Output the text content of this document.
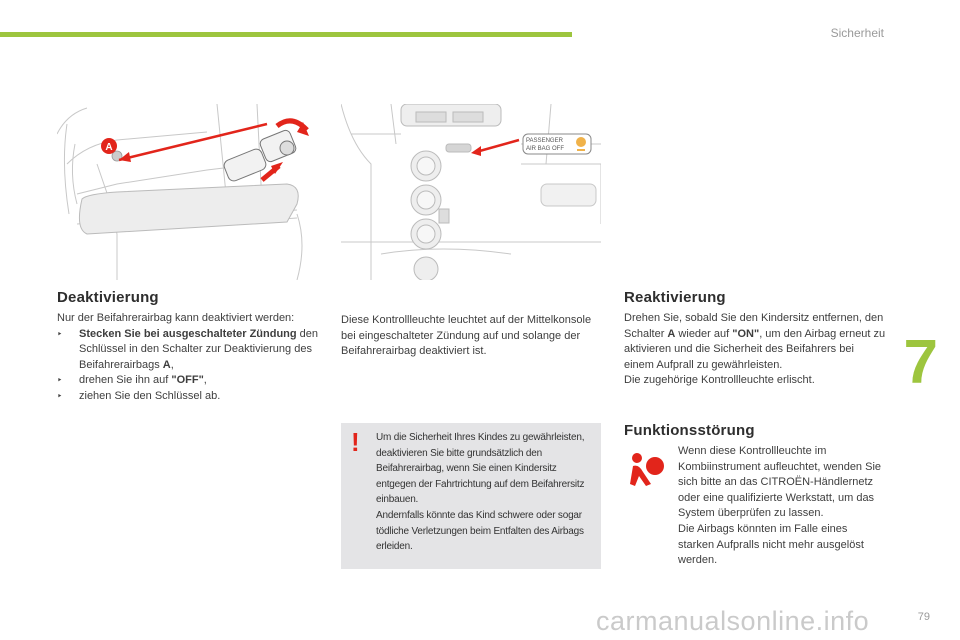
Sicherheit
7
A
PASSENGER
AIR BAG OFF
Deaktivierung

Nur der Beifahrerairbag kann deaktiviert werden:

‣ Stecken Sie bei ausgeschalteter Zündung den Schlüssel in den Schalter zur Deaktivierung des Beifahrerairbags A,
‣ drehen Sie ihn auf "OFF",
‣ ziehen Sie den Schlüssel ab.
Diese Kontrollleuchte leuchtet auf der Mittelkonsole bei eingeschalteter Zündung auf und solange der Beifahrerairbag deaktiviert ist.
! Um die Sicherheit Ihres Kindes zu gewährleisten, deaktivieren Sie bitte grundsätzlich den Beifahrerairbag, wenn Sie einen Kindersitz entgegen der Fahrtrichtung auf dem Beifahrersitz einbauen.
Andernfalls könnte das Kind schwere oder sogar tödliche Verletzungen beim Entfalten des Airbags erleiden.
Reaktivierung

Drehen Sie, sobald Sie den Kindersitz entfernen, den Schalter A wieder auf "ON", um den Airbag erneut zu aktivieren und die Sicherheit des Beifahrers bei einem Aufprall zu gewährleisten.

Die zugehörige Kontrollleuchte erlischt.

Funktionsstörung

Wenn diese Kontrollleuchte im Kombiinstrument aufleuchtet, wenden Sie sich bitte an das CITROËN-Händlernetz oder eine qualifizierte Werkstatt, um das System überprüfen zu lassen.

Die Airbags könnten im Falle eines starken Aufpralls nicht mehr ausgelöst werden.

carmanualsonline.info	79
